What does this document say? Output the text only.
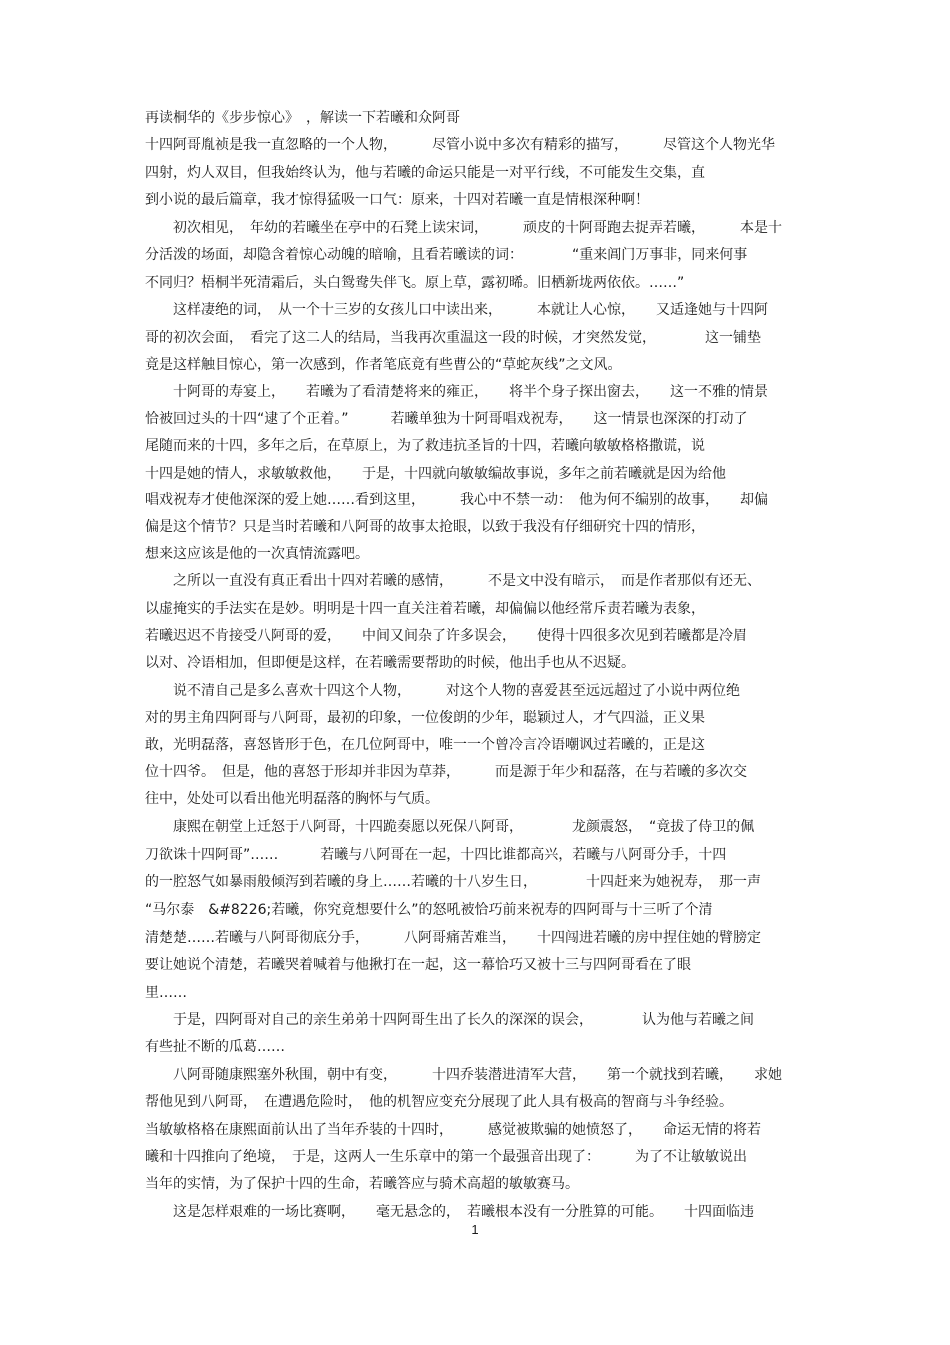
再读桐华的《步步惊心》　，解读一下若曦和众阿哥
十四阿哥胤祯是我一直忽略的一个人物，　　　尽管小说中多次有精彩的描写，　　　尽管这个人物光华
四射，灼人双目，但我始终认为，他与若曦的命运只能是一对平行线，不可能发生交集，直
到小说的最后篇章，我才惊得猛吸一口气：原来，十四对若曦一直是情根深种啊！
　　初次相见，　年幼的若曦坐在亭中的石凳上读宋词，　　　顽皮的十阿哥跑去捉弄若曦，　　　本是十
分活泼的场面，却隐含着惊心动魄的暗喻，且看若曦读的词：　　　　“重来阊门万事非，同来何事
不同归？梧桐半死清霜后，头白鸳鸯失伴飞。原上草，露初晞。旧栖新垅两依依。……”
　　这样凄绝的词，　从一个十三岁的女孩儿口中读出来，　　　本就让人心惊，　　又适逢她与十四阿
哥的初次会面，　看完了这二人的结局，当我再次重温这一段的时候，才突然发觉，　　　　这一铺垫
竟是这样触目惊心，第一次感到，作者笔底竟有些曹公的“草蛇灰线”之文风。
　　十阿哥的寿宴上，　　若曦为了看清楚将来的雍正，　　将半个身子探出窗去，　　这一不雅的情景
恰被回过头的十四“逮了个正着。”　　　若曦单独为十阿哥唱戏祝寿，　　这一情景也深深的打动了
尾随而来的十四，多年之后，在草原上，为了救违抗圣旨的十四，若曦向敏敏格格撒谎，说
十四是她的情人，求敏敏救他，　　于是，十四就向敏敏编故事说，多年之前若曦就是因为给他
唱戏祝寿才使他深深的爱上她……看到这里，　　　我心中不禁一动：　他为何不编别的故事，　　却偏
偏是这个情节？只是当时若曦和八阿哥的故事太抢眼，以致于我没有仔细研究十四的情形，
想来这应该是他的一次真情流露吧。
　　之所以一直没有真正看出十四对若曦的感情，　　　不是文中没有暗示，　而是作者那似有还无、
以虚掩实的手法实在是妙。明明是十四一直关注着若曦，却偏偏以他经常斥责若曦为表象，
若曦迟迟不肯接受八阿哥的爱，　　中间又间杂了许多误会，　　使得十四很多次见到若曦都是冷眉
以对、冷语相加，但即便是这样，在若曦需要帮助的时候，他出手也从不迟疑。
　　说不清自己是多么喜欢十四这个人物，　　　对这个人物的喜爱甚至远远超过了小说中两位绝
对的男主角四阿哥与八阿哥，最初的印象，一位俊朗的少年，聪颖过人，才气四溢，正义果
敢，光明磊落，喜怒皆形于色，在几位阿哥中，唯一一个曾冷言冷语嘲讽过若曦的，正是这
位十四爷。　但是，他的喜怒于形却并非因为草莽，　　　而是源于年少和磊落，在与若曦的多次交
往中，处处可以看出他光明磊落的胸怀与气质。
　　康熙在朝堂上迁怒于八阿哥，十四跪奏愿以死保八阿哥，　　　　龙颜震怒，　“竟拔了侍卫的佩
刀欲诛十四阿哥”……　　　若曦与八阿哥在一起，十四比谁都高兴，若曦与八阿哥分手，十四
的一腔怒气如暴雨般倾泻到若曦的身上……若曦的十八岁生日，　　　　十四赶来为她祝寿，　那一声
“马尔泰　&#8226;若曦，你究竟想要什么”的怒吼被恰巧前来祝寿的四阿哥与十三听了个清
清楚楚……若曦与八阿哥彻底分手，　　　八阿哥痛苦难当，　　十四闯进若曦的房中捏住她的臂膀定
要让她说个清楚，若曦哭着喊着与他揪打在一起，这一幕恰巧又被十三与四阿哥看在了眼
里……
　　于是，四阿哥对自己的亲生弟弟十四阿哥生出了长久的深深的误会，　　　　认为他与若曦之间
有些扯不断的瓜葛……
　　八阿哥随康熙塞外秋围，朝中有变，　　　十四乔装潜进清军大营，　　第一个就找到若曦，　　求她
帮他见到八阿哥，　在遭遇危险时，　他的机智应变充分展现了此人具有极高的智商与斗争经验。
当敏敏格格在康熙面前认出了当年乔装的十四时，　　　感觉被欺骗的她愤怒了，　　命运无情的将若
曦和十四推向了绝境，　于是，这两人一生乐章中的第一个最强音出现了：　　　为了不让敏敏说出
当年的实情，为了保护十四的生命，若曦答应与骑术高超的敏敏赛马。
　　这是怎样艰难的一场比赛啊，　　毫无悬念的，　若曦根本没有一分胜算的可能。　　十四面临违
1
